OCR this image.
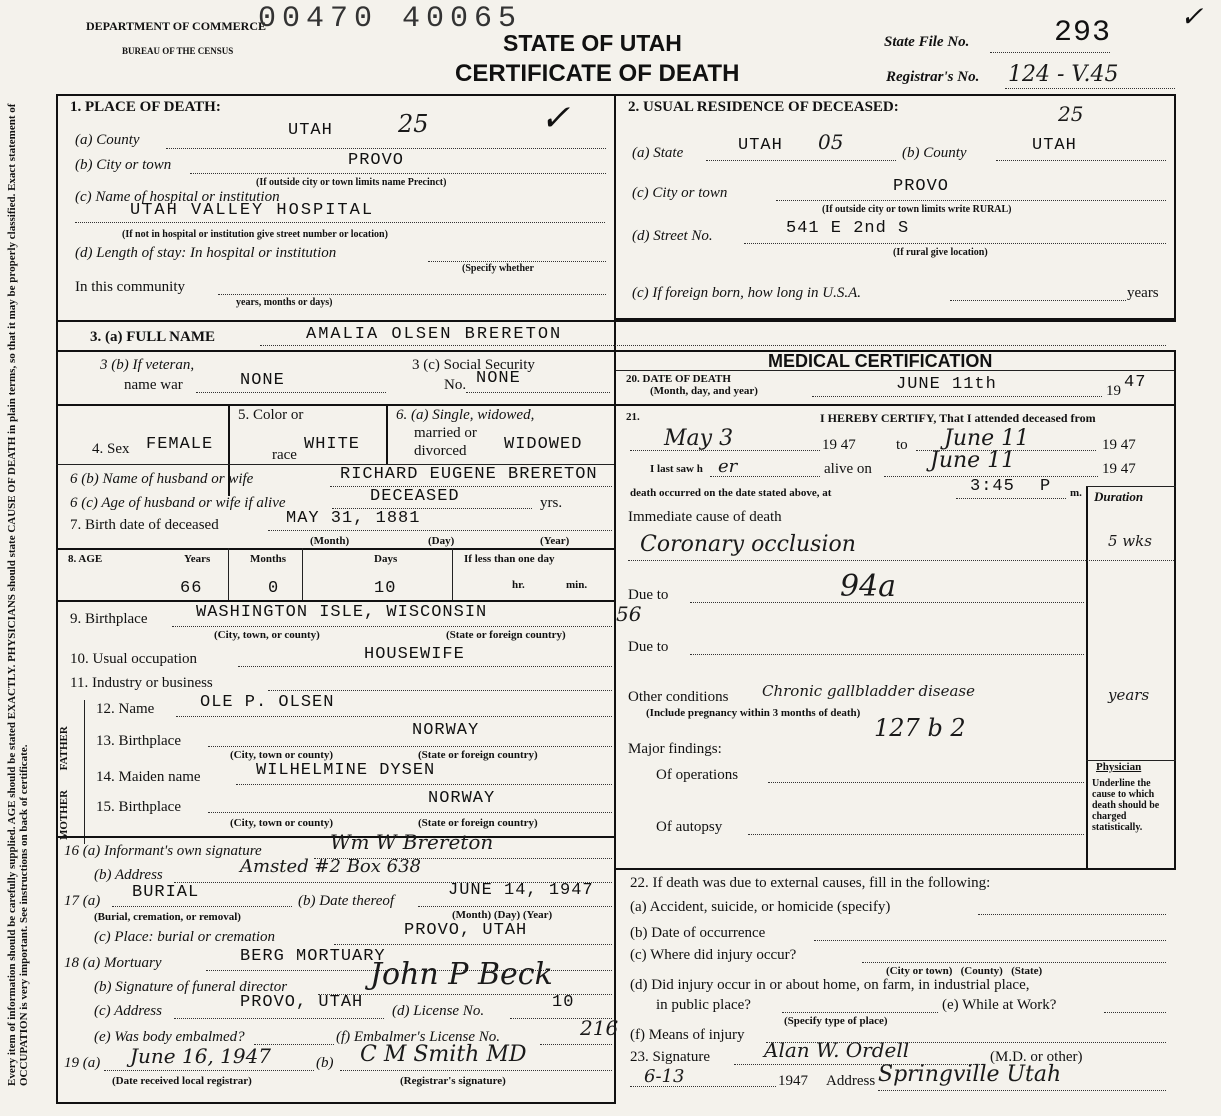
Every item of information should be carefully supplied. AGE should be stated EXACTLY. PHYSICIANS should state CAUSE OF DEATH in plain terms, so that it may be properly classified. Exact statement of OCCUPATION is very important. See instructions on back of certificate.
DEPARTMENT OF COMMERCE
BUREAU OF THE CENSUS
00470 40065
STATE OF UTAH
CERTIFICATE OF DEATH
State File No.	293
Registrar's No. 124 - V.45
1. PLACE OF DEATH:
(a) County	UTAH	25
(b) City or town	PROVO
(If outside city or town limits name Precinct)
(c) Name of hospital or institution
UTAH VALLEY HOSPITAL
(If not in hospital or institution give street number or location)
(d) Length of stay: In hospital or institution
(Specify whether
In this community
years, months or days)
2. USUAL RESIDENCE OF DECEASED:
(a) State	UTAH 05	(b) County	UTAH
25
(c) City or town	PROVO
(If outside city or town limits write RURAL)
(d) Street No.	541 E 2nd S
(If rural give location)
(c) If foreign born, how long in U.S.A.	years
3. (a) FULL NAME	AMALIA OLSEN BRERETON
3 (b) If veteran,
name war	NONE
3 (c) Social Security
No. NONE
4. Sex FEMALE
5. Color or
race
WHITE
6. (a) Single, widowed,
married or
divorced WIDOWED
6 (b) Name of husband or wife	RICHARD EUGENE BRERETON
6 (c) Age of husband or wife if alive	DECEASED	yrs.
7. Birth date of deceased	MAY 31, 1881
(Month)	(Day)	(Year)
8. AGE	Years	Months	Days	If less than one day
hr.	min.
66	0	10
9. Birthplace	WASHINGTON ISLE, WISCONSIN	56
(City, town, or county)	(State or foreign country)
10. Usual occupation	HOUSEWIFE
11. Industry or business
MOTHER  FATHER
12. Name	OLE P. OLSEN
13. Birthplace
NORWAY
(City, town or county)	(State or foreign country)
14. Maiden name	WILHELMINE DYSEN
15. Birthplace	NORWAY
(City, town or county)	(State or foreign country)
16 (a) Informant's own signature	Wm W Brereton
(b) Address	Amsted #2 Box 638
17 (a) BURIAL
(Burial, cremation, or removal)
(b) Date thereof
JUNE 14, 1947
(Month) (Day) (Year)
(c) Place: burial or cremation	PROVO, UTAH
18 (a) Mortuary	BERG MORTUARY
(b) Signature of funeral director	John P Beck
(c) Address	PROVO, UTAH (d) License No.	10
(e) Was body embalmed?	(f) Embalmer's License No.	216
19 (a) June 16, 1947
(Date received local registrar)
(b) C M Smith MD
(Registrar's signature)
MEDICAL CERTIFICATION
20. DATE OF DEATH
(Month, day, and year)	JUNE 11th	19 47
21.	I HEREBY CERTIFY, That I attended deceased from
May 3	19 47	to June 11	19 47
I last saw h er	alive on	June 11	19 47
death occurred on the date stated above, at	3:45 P m. Duration
Immediate cause of death
Coronary occlusion	5 wks
Due to	94a
Due to
Other conditions Chronic gallbladder disease	years
(Include pregnancy within 3 months of death)
127 b 2
Major findings:
Of operations
Of autopsy
Physician
Underline the cause to which death should be charged statistically.
22. If death was due to external causes, fill in the following:
(a) Accident, suicide, or homicide (specify)
(b) Date of occurrence
(c) Where did injury occur?
(City or town)   (County)   (State)
(d) Did injury occur in or about home, on farm, in industrial place,
in public place?
(Specify type of place)
(e) While at Work?
(f) Means of injury
23. Signature	Alan W. Ordell	(M.D. or other)
6-13	1947 Address Springville Utah
✓
✓
